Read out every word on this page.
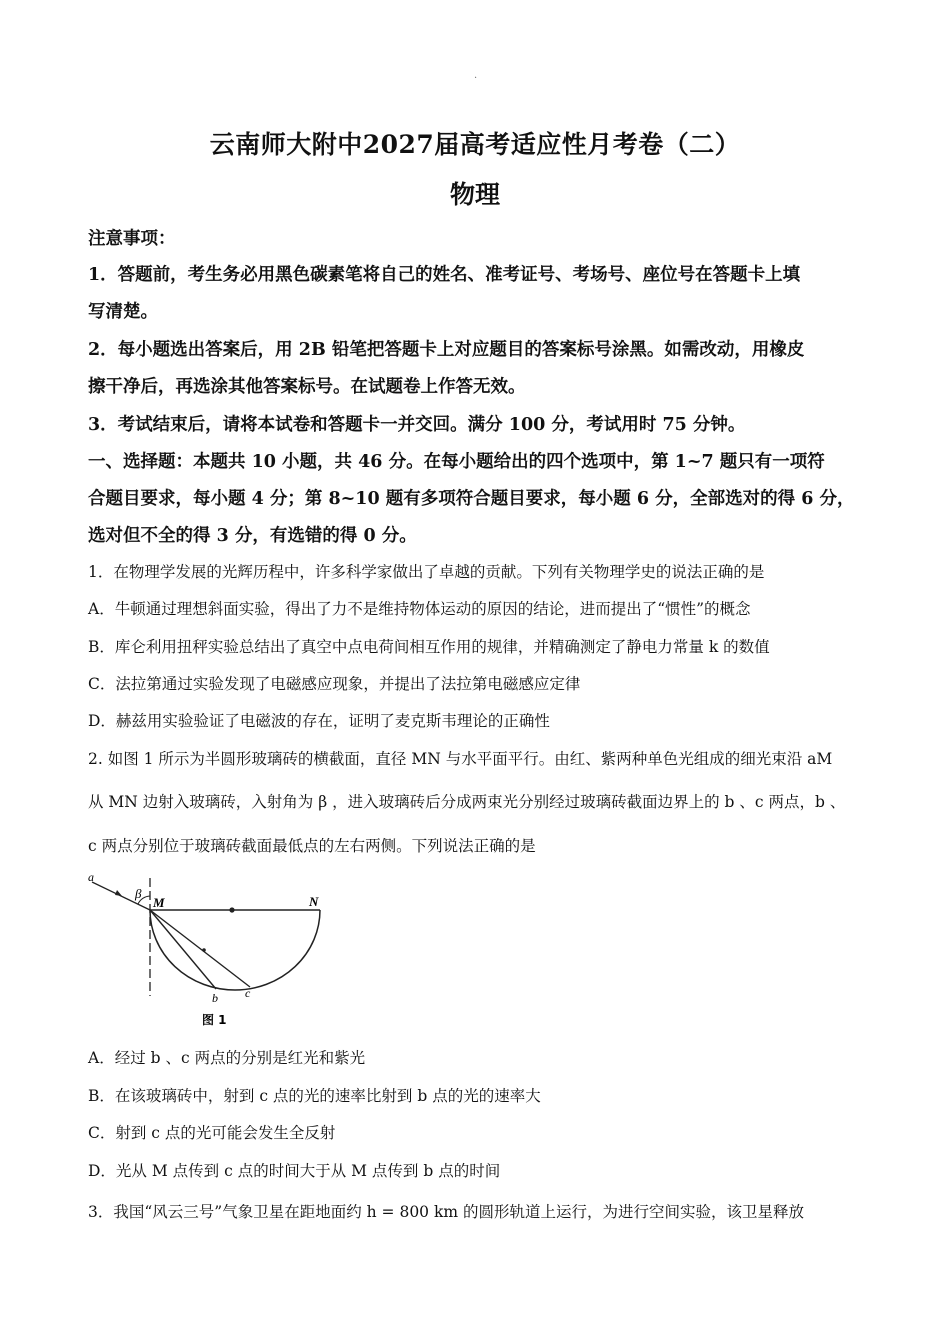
·
云南师大附中2027届高考适应性月考卷（二）
物理
注意事项：
1．答题前，考生务必用黑色碳素笔将自己的姓名、准考证号、考场号、座位号在答题卡上填
写清楚。
2．每小题选出答案后，用 2B 铅笔把答题卡上对应题目的答案标号涂黑。如需改动，用橡皮
擦干净后，再选涂其他答案标号。在试题卷上作答无效。
3．考试结束后，请将本试卷和答题卡一并交回。满分 100 分，考试用时 75 分钟。
一、选择题：本题共 10 小题，共 46 分。在每小题给出的四个选项中，第 1~7 题只有一项符
合题目要求，每小题 4 分；第 8~10 题有多项符合题目要求，每小题 6 分，全部选对的得 6 分，
选对但不全的得 3 分，有选错的得 0 分。
1．在物理学发展的光辉历程中，许多科学家做出了卓越的贡献。下列有关物理学史的说法正确的是
A．牛顿通过理想斜面实验，得出了力不是维持物体运动的原因的结论，进而提出了“惯性”的概念
B．库仑利用扭秤实验总结出了真空中点电荷间相互作用的规律，并精确测定了静电力常量 k 的数值
C．法拉第通过实验发现了电磁感应现象，并提出了法拉第电磁感应定律
D．赫兹用实验验证了电磁波的存在，证明了麦克斯韦理论的正确性
2. 如图 1 所示为半圆形玻璃砖的横截面，直径 MN 与水平面平行。由红、紫两种单色光组成的细光束沿 aM
从 MN 边射入玻璃砖，入射角为 β ，进入玻璃砖后分成两束光分别经过玻璃砖截面边界上的 b 、c 两点，b 、
c 两点分别位于玻璃砖截面最低点的左右两侧。下列说法正确的是
a
β
M	N
b c
图 1
A．经过 b 、c 两点的分别是红光和紫光
B．在该玻璃砖中，射到 c 点的光的速率比射到 b 点的光的速率大
C．射到 c 点的光可能会发生全反射
D．光从 M 点传到 c 点的时间大于从 M 点传到 b 点的时间
3．我国“风云三号”气象卫星在距地面约 h = 800 km 的圆形轨道上运行，为进行空间实验，该卫星释放
